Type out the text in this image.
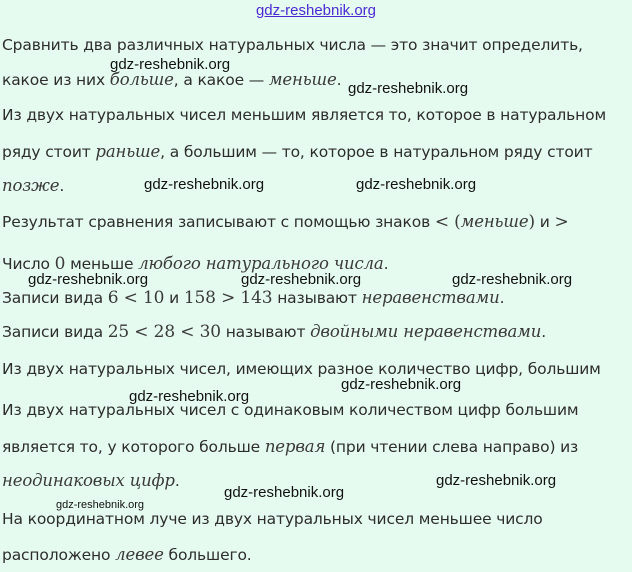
gdz-reshebnik.org
Сравнить два различных натуральных числа — это значит определить,
какое из них больше, а какое — меньше.
Из двух натуральных чисел меньшим является то, которое в натуральном
ряду стоит раньше, а большим — то, которое в натуральном ряду стоит
позже.
Результат сравнения записывают с помощью знаков < (меньше) и >
Число 0 меньше любого натурального числа.
Записи вида 6 < 10 и 158 > 143 называют неравенствами.
Записи вида 25 < 28 < 30 называют двойными неравенствами.
Из двух натуральных чисел, имеющих разное количество цифр, большим
Из двух натуральных чисел с одинаковым количеством цифр большим
является то, у которого больше первая (при чтении слева направо) из
неодинаковых цифр.
На координатном луче из двух натуральных чисел меньшее число
расположено левее большего.
gdz-reshebnik.org
gdz-reshebnik.org
gdz-reshebnik.org	gdz-reshebnik.org
gdz-reshebnik.org	gdz-reshebnik.org	gdz-reshebnik.org
gdz-reshebnik.org
gdz-reshebnik.org
gdz-reshebnik.org
gdz-reshebnik.org
gdz-reshebnik.org
